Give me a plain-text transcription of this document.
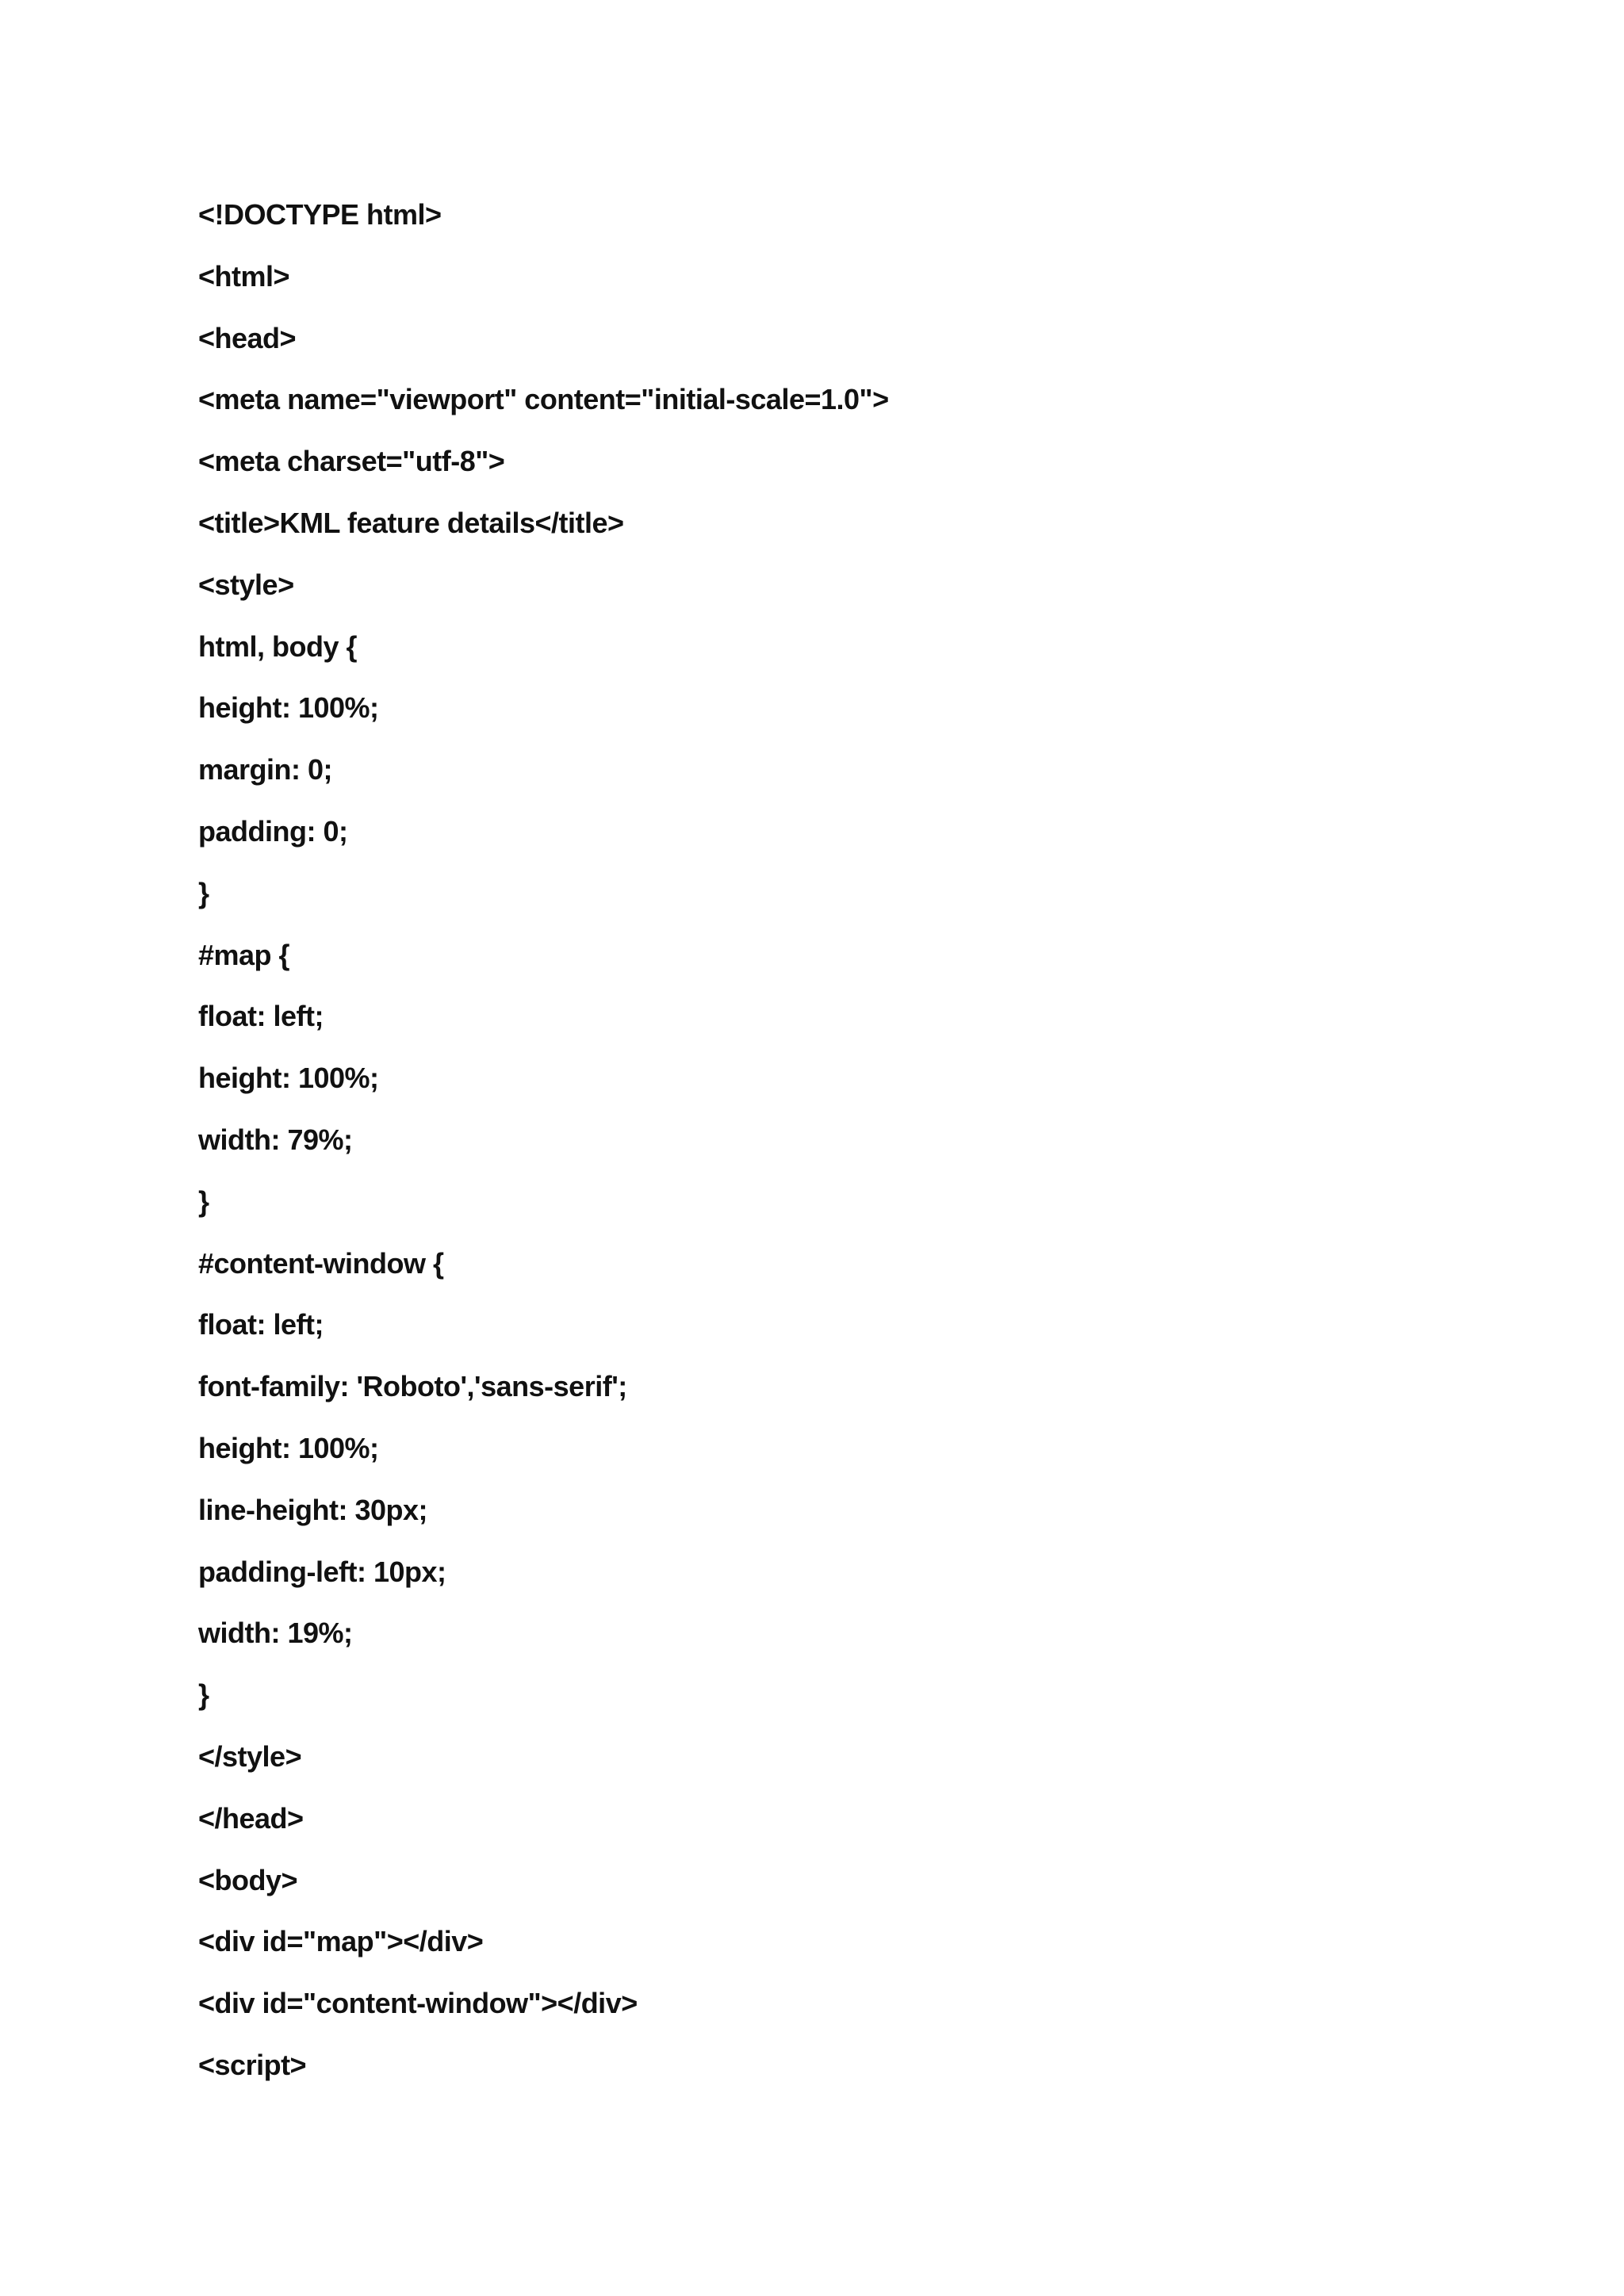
<!DOCTYPE html>
<html>
<head>
<meta name="viewport" content="initial-scale=1.0">
<meta charset="utf-8">
<title>KML feature details</title>
<style>
html, body {
height: 100%;
margin: 0;
padding: 0;
}
#map {
float: left;
height: 100%;
width: 79%;
}
#content-window {
float: left;
font-family: 'Roboto','sans-serif';
height: 100%;
line-height: 30px;
padding-left: 10px;
width: 19%;
}
</style>
</head>
<body>
<div id="map"></div>
<div id="content-window"></div>
<script>
